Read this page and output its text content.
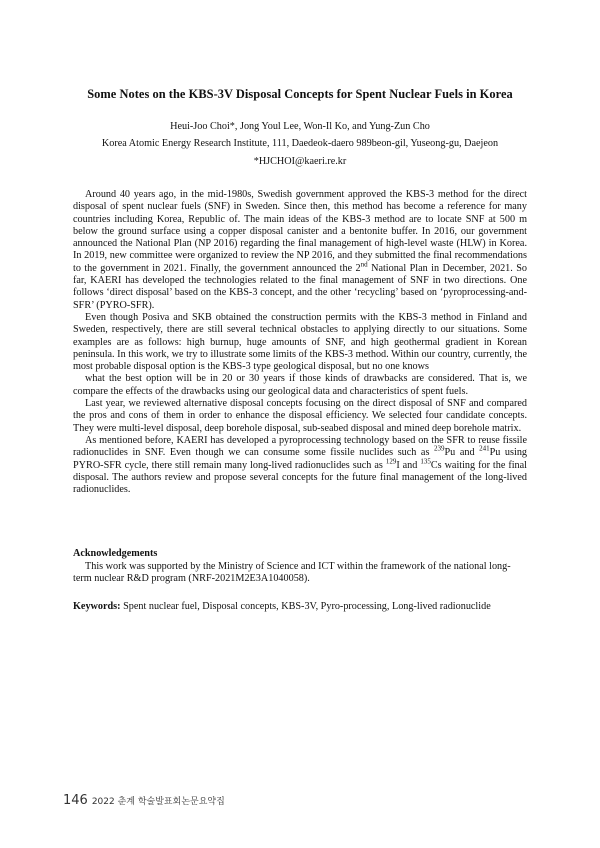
Some Notes on the KBS-3V Disposal Concepts for Spent Nuclear Fuels in Korea
Heui-Joo Choi*, Jong Youl Lee, Won-Il Ko, and Yung-Zun Cho
Korea Atomic Energy Research Institute, 111, Daedeok-daero 989beon-gil, Yuseong-gu, Daejeon
*HJCHOI@kaeri.re.kr

Around 40 years ago, in the mid-1980s, Swedish government approved the KBS-3 method for the direct disposal of spent nuclear fuels (SNF) in Sweden. Since then, this method has become a reference for many countries including Korea, Republic of. The main ideas of the KBS-3 method are to locate SNF at 500 m below the ground surface using a copper disposal canister and a bentonite buffer. In 2016, our government announced the National Plan (NP 2016) regarding the final management of high-level waste (HLW) in Korea. In 2019, new committee were organized to review the NP 2016, and they submitted the final recommendations to the government in 2021. Finally, the government announced the 2nd National Plan in December, 2021. So far, KAERI has developed the technologies related to the final management of SNF in two directions. One follows ‘direct disposal’ based on the KBS-3 concept, and the other ‘recycling’ based on ‘pyroprocessing-and-SFR’ (PYRO-SFR).

Even though Posiva and SKB obtained the construction permits with the KBS-3 method in Finland and Sweden, respectively, there are still several technical obstacles to applying directly to our situations. Some examples are as follows: high burnup, huge amounts of SNF, and high geothermal gradient in Korean peninsula. In this work, we try to illustrate some limits of the KBS-3 method. Within our country, currently, the most probable disposal option is the KBS-3 type geological disposal, but no one knows

what the best option will be in 20 or 30 years if those kinds of drawbacks are considered. That is, we compare the effects of the drawbacks using our geological data and characteristics of spent fuels.

Last year, we reviewed alternative disposal concepts focusing on the direct disposal of SNF and compared the pros and cons of them in order to enhance the disposal efficiency. We selected four candidate concepts. They were multi-level disposal, deep borehole disposal, sub-seabed disposal and mined deep borehole matrix.

As mentioned before, KAERI has developed a pyroprocessing technology based on the SFR to reuse fissile radionuclides in SNF. Even though we can consume some fissile nuclides such as $^{239}$Pu and $^{241}$Pu using PYRO-SFR cycle, there still remain many long-lived radionuclides such as $^{129}$I and $^{135}$Cs waiting for the final disposal. The authors review and propose several concepts for the future final management of the long-lived radionuclides.

Acknowledgements
This work was supported by the Ministry of Science and ICT within the framework of the national long-term nuclear R&D program (NRF-2021M2E3A1040058).
Keywords: Spent nuclear fuel, Disposal concepts, KBS-3V, Pyro-processing, Long-lived radionuclide
146 2022 춘계 학술발표회논문요약집
